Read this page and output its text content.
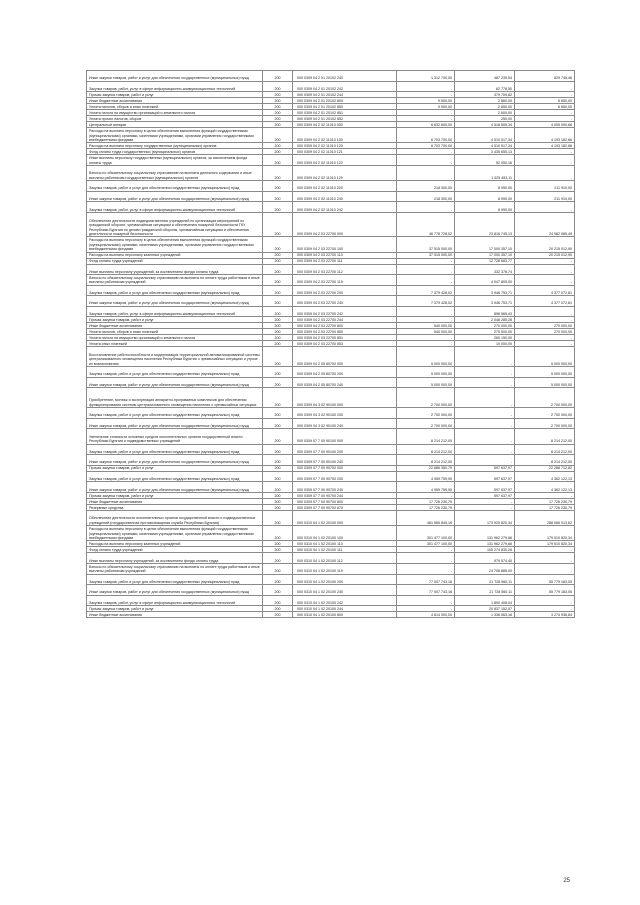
Иные закупки товаров, работ и услуг для обеспечения государственных (муниципальных) нужд	200	000 0309 04 2 01 20102 240	1 312 700,00	487 239,54	829 745,46
Закупка товаров, работ, услуг в сфере информационно-коммуникационных технологий	200	000 0309 04 2 01 20102 242	-	62 778,50	-
Прочая закупка товаров, работ и услуг	200	000 0309 04 2 01 20102 244	-	379 709,82	-
Иные бюджетные ассигнования	200	000 0309 04 2 01 20102 800	9 500,00	2 860,00	6 650,00
Уплата налогов, сборов и иных платежей	200	000 0309 04 2 01 20102 850	9 500,00	2 850,00	6 650,00
Уплата налога на имущество организаций и земельного налога	200	000 0309 04 2 01 20102 851	-	2 600,00	-
Уплата прочих налогов, сборов	200	000 0309 04 2 01 20102 852	-	250,00	-
Центральный аппарат	200	000 0309 04 2 02 11010 000	6 632 600,00	4 518 509,34	4 005 090,66
Расходы на выплаты персоналу в целях обеспечения выполнения функций государственными (муниципальными) органами, казенными учреждениями, органами управления государственными внебюджетными фондами	200	000 0309 04 2 02 11010 100	6 703 700,00	4 510 517,34	4 193 182,66
Расходы на выплаты персоналу государственных (муниципальных) органов	200	000 0309 04 2 02 11010 120	6 703 700,00	4 510 517,34	4 193 182,66
Фонд оплаты труда государственных (муниципальных) органов	200	000 0309 04 2 02 11010 121	-	3 435 655,13	-
Иные выплаты персоналу государственных (муниципальных) органов, за исключением фонда оплаты труда	200	000 0309 04 2 02 11010 122	-	52 050,16	-
Взносы по обязательному социальному страхованию на выплаты денежного содержания и иные выплаты работникам государственных (муниципальных) органов	200	000 0309 04 2 02 11010 129	-	1 025 453,11	-
Закупка товаров, работ и услуг для обеспечения государственных (муниципальных) нужд	200	000 0309 04 2 02 11010 200	218 300,00	8 990,00	211 910,00
Иные закупки товаров, работ и услуг для обеспечения государственных (муниципальных) нужд	200	000 0309 04 2 02 11010 240	218 300,00	8 990,00	211 910,00
Закупка товаров, работ, услуг в сфере информационно-коммуникационных технологий	200	000 0309 04 2 02 11010 242	-	8 990,00	-
Обеспечение деятельности подведомственных учреждений по организации мероприятий по гражданской обороне, чрезвычайным ситуациям и обеспечению пожарной безопасности ГКУ Республики Бурятия по делам гражданской обороны, чрезвычайным ситуациям и обеспечению деятельности пожарной безопасности	200	000 0309 04 2 03 22700 000	46 778 728,02	23 816 745,13	24 982 085,49
Расходы на выплаты персоналу в целях обеспечения выполнения функций государственными (муниципальными) органами, казенными учреждениями, органами управления государственными внебюджетными фондами	200	000 0309 04 2 03 22700 100	37 515 000,00	17 000 357,10	20 215 012,90
Расходы на выплаты персоналу казенных учреждений	200	000 0309 04 2 03 22700 110	37 515 000,00	17 000 357,10	20 215 012,90
Фонд оплаты труда учреждений	200	000 0309 04 2 03 22700 111	-	12 728 683,77	-
Иные выплаты персоналу учреждений, за исключением фонда оплаты труда	200	000 0309 04 2 03 22700 112	-	332 378,74	-
Взносы по обязательному социальному страхованию на выплаты по оплате труда работников и иные выплаты работникам учреждений	200	000 0309 04 2 03 22700 119	-	4 047 805,00	-
Закупка товаров, работ и услуг для обеспечения государственных (муниципальных) нужд	200	000 0309 04 2 03 22700 200	7 379 428,02	3 946 753,71	4 377 072,81
Иные закупки товаров, работ и услуг для обеспечения государственных (муниципальных) нужд	200	000 0309 04 2 03 22700 240	7 379 428,02	3 946 753,71	4 377 072,81
Закупка товаров, работ, услуг в сфере информационно-коммуникационных технологий	200	000 0309 04 2 03 22700 242	-	898 565,43	-
Прочая закупка товаров, работ и услуг	200	000 0309 04 2 03 22700 244	-	2 048 285,28	-
Иные бюджетные ассигнования	200	000 0309 04 2 03 22700 800	540 000,00	270 000,00	270 000,00
Уплата налогов, сборов и иных платежей	200	000 0309 04 2 03 22700 850	540 000,00	270 000,00	270 000,00
Уплата налога на имущество организаций и земельного налога	200	000 0309 04 2 03 22700 851	-	260 150,00	-
Уплата иных платежей	200	000 0309 04 2 03 22700 853	-	10 000,00	-
Восстановление работоспособности и модернизация территориальной автоматизированной системы централизованного оповещения населения Республики Бурятия о чрезвычайных ситуациях и угрозе их возникновения	200	000 0309 04 2 05 80700 000	5 000 000,00	-	5 000 000,00
Закупка товаров, работ и услуг для обеспечения государственных (муниципальных) нужд	200	000 0309 04 2 05 80700 200	5 000 000,00	-	5 000 000,00
Иные закупки товаров, работ и услуг для обеспечения государственных (муниципальных) нужд	200	000 0309 04 2 05 80700 240	5 000 000,00	-	5 000 000,00
Приобретение, монтаж и эксплуатация аппаратно-программных комплексов для обеспечения функционирования системы централизованного оповещения населения о чрезвычайных ситуациях	200	000 0309 04 3 02 90100 000	2 700 000,00	-	2 700 000,00
Закупка товаров, работ и услуг для обеспечения государственных (муниципальных) нужд	200	000 0309 04 3 02 90100 200	2 700 000,00	-	2 700 000,00
Иные закупки товаров, работ и услуг для обеспечения государственных (муниципальных) нужд	200	000 0309 04 3 02 90100 240	2 700 000,00	-	2 700 000,00
Увеличение стоимости основных средств исполнительных органов государственной власти Республики Бурятия и подведомственных учреждений	200	000 0309 07 7 00 90100 000	8 214 212,00	-	8 214 212,00
Закупка товаров, работ и услуг для обеспечения государственных (муниципальных) нужд	200	000 0309 07 7 00 90100 200	8 214 212,00	-	8 214 212,00
Иные закупки товаров, работ и услуг для обеспечения государственных (муниципальных) нужд	200	000 0309 07 7 00 90100 240	8 214 212,00	-	8 214 212,00
Прочая закупка товаров, работ и услуг	200	000 0309 07 7 00 90700 000	22 886 350,79	597 637,97	22 288 712,82
Закупка товаров, работ и услуг для обеспечения государственных (муниципальных) нужд	200	000 0309 07 7 00 90700 200	4 959 759,90	597 637,97	4 362 122,13
Иные закупки товаров, работ и услуг для обеспечения государственных (муниципальных) нужд	200	000 0309 07 7 00 90700 240	4 959 759,90	597 637,97	4 362 122,13
Прочая закупка товаров, работ и услуг	200	000 0309 07 7 00 90700 244	-	597 637,97	-
Иные бюджетные ассигнования	200	000 0309 07 7 00 90700 800	17 726 230,79	-	17 726 230,79
Резервные средства	200	000 0309 07 7 00 90700 870	17 726 230,79	-	17 726 230,79
Обеспечение деятельности исполнительных органов государственной власти и подведомственных учреждений (государственная противопожарная служба Республики Бурятия)	200	000 0310 04 1 02 20100 000	461 565 845,16	173 925 820,34	288 066 013,62
Расходы на выплаты персоналу в целях обеспечения выполнения функций государственными (муниципальными) органами, казенными учреждениями, органами управления государственными внебюджетными фондами	200	000 0310 04 1 02 20100 100	301 477 100,00	131 962 279,66	179 510 820,34
Расходы на выплаты персоналу казенных учреждений	200	000 0310 04 1 02 20100 110	301 477 100,00	131 962 279,66	179 510 820,34
Фонд оплаты труда учреждений	200	000 0310 04 1 02 20100 111	-	105 274 830,26	-
Иные выплаты персоналу учреждений, за исключением фонда оплаты труда	200	000 0310 04 1 02 20100 112	-	979 574,40	-
Взносы по обязательному социальному страхованию на выплаты по оплате труда работников и иные выплаты работникам учреждений	200	000 0310 04 1 02 20100 119	-	24 708 885,00	-
Закупка товаров, работ и услуг для обеспечения государственных (муниципальных) нужд	200	000 0310 04 1 02 20100 200	77 007 743,16	21 728 560,11	55 779 183,05
Иные закупки товаров, работ и услуг для обеспечения государственных (муниципальных) нужд	200	000 0310 04 1 02 20100 240	77 007 743,16	21 728 560,11	55 779 183,05
Закупка товаров, работ, услуг в сфере информационно-коммуникационных технологий	200	000 0310 04 1 02 20100 242	-	1 890 408,04	-
Прочая закупка товаров, работ и услуг	200	000 0310 04 1 02 20100 244	-	20 837 152,07	-
Иные бюджетные ассигнования	200	000 0310 04 1 02 20100 800	4 614 000,00	1 336 063,16	3 274 936,84
25
